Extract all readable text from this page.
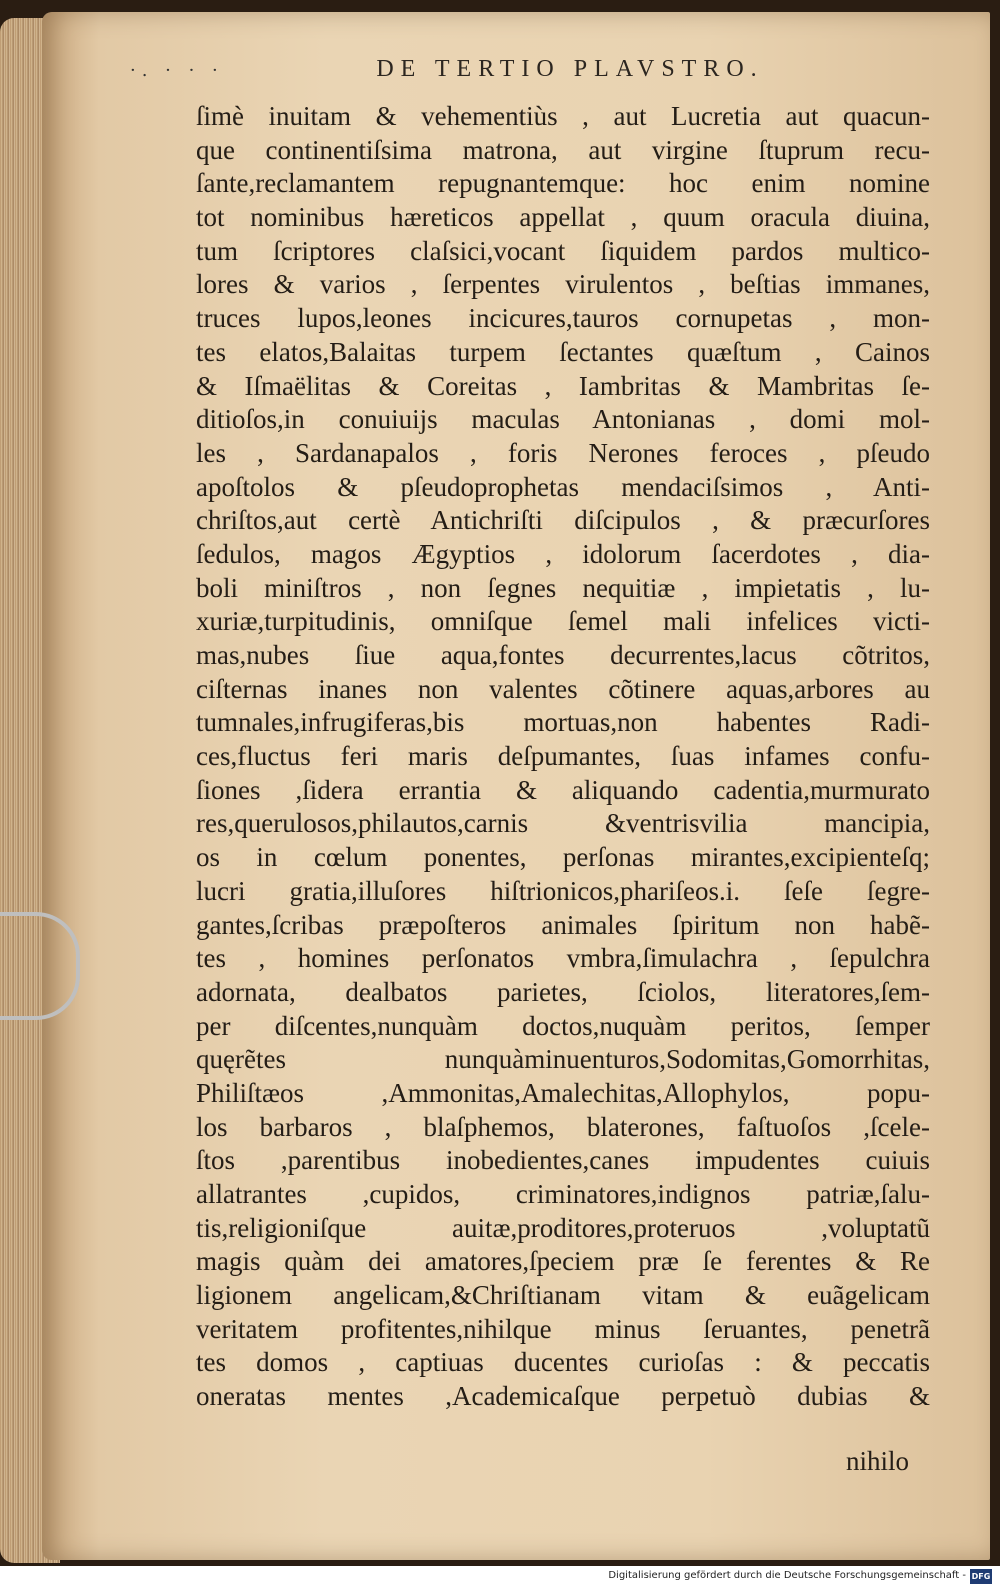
·. · · ·	DE TERTIO PLAVSTRO.
ſimè inuitam & vehementiùs , aut Lucretia aut quacun-
que continentiſsima matrona, aut virgine ſtuprum recu-
ſante,reclamantem repugnantemque: hoc enim nomine
tot nominibus hæreticos appellat , quum oracula diuina,
tum ſcriptores claſsici,vocant ſiquidem pardos multico-
lores & varios , ſerpentes virulentos , beſtias immanes,
truces lupos,leones incicures,tauros cornupetas , mon-
tes elatos,Balaitas turpem ſectantes quæſtum , Cainos
& Iſmaëlitas & Coreitas , Iambritas & Mambritas ſe-
ditioſos,in conuiuijs maculas Antonianas , domi mol-
les , Sardanapalos , foris Nerones feroces , pſeudo
apoſtolos & pſeudoprophetas mendaciſsimos , Anti-
chriſtos,aut certè Antichriſti diſcipulos , & præcurſores
ſedulos, magos Ægyptios , idolorum ſacerdotes , dia-
boli miniſtros , non ſegnes nequitiæ , impietatis , lu-
xuriæ,turpitudinis, omniſque ſemel mali infelices victi-
mas,nubes ſiue aqua,fontes decurrentes,lacus cõtritos,
ciſternas inanes non valentes cõtinere aquas,arbores au
tumnales,infrugiferas,bis mortuas,non habentes Radi-
ces,fluctus feri maris deſpumantes, ſuas infames confu-
ſiones ,ſidera errantia & aliquando cadentia,murmurato
res,querulosos,philautos,carnis &ventrisvilia mancipia,
os in cœlum ponentes, perſonas mirantes,excipienteſq;
lucri gratia,illuſores hiſtrionicos,phariſeos.i. ſeſe ſegre-
gantes,ſcribas præpoſteros animales ſpiritum non habẽ-
tes , homines perſonatos vmbra,ſimulachra , ſepulchra
adornata, dealbatos parietes, ſciolos, literatores,ſem-
per diſcentes,nunquàm doctos,nuquàm peritos, ſemper
quęrẽtes nunquàminuenturos,Sodomitas,Gomorrhitas,
Philiſtæos ,Ammonitas,Amalechitas,Allophylos, popu-
los barbaros , blaſphemos, blaterones, faſtuoſos ,ſcele-
ſtos ,parentibus inobedientes,canes impudentes cuiuis
allatrantes ,cupidos, criminatores,indignos patriæ,ſalu-
tis,religioniſque auitæ,proditores,proteruos ,voluptatũ
magis quàm dei amatores,ſpeciem præ ſe ferentes & Re
ligionem angelicam,&Chriſtianam vitam & euãgelicam
veritatem profitentes,nihilque minus ſeruantes, penetrã
tes domos , captiuas ducentes curioſas : & peccatis
oneratas mentes ,Academicaſque perpetuò dubias &
nihilo
Digitalisierung gefördert durch die Deutsche Forschungsgemeinschaft - DFG
